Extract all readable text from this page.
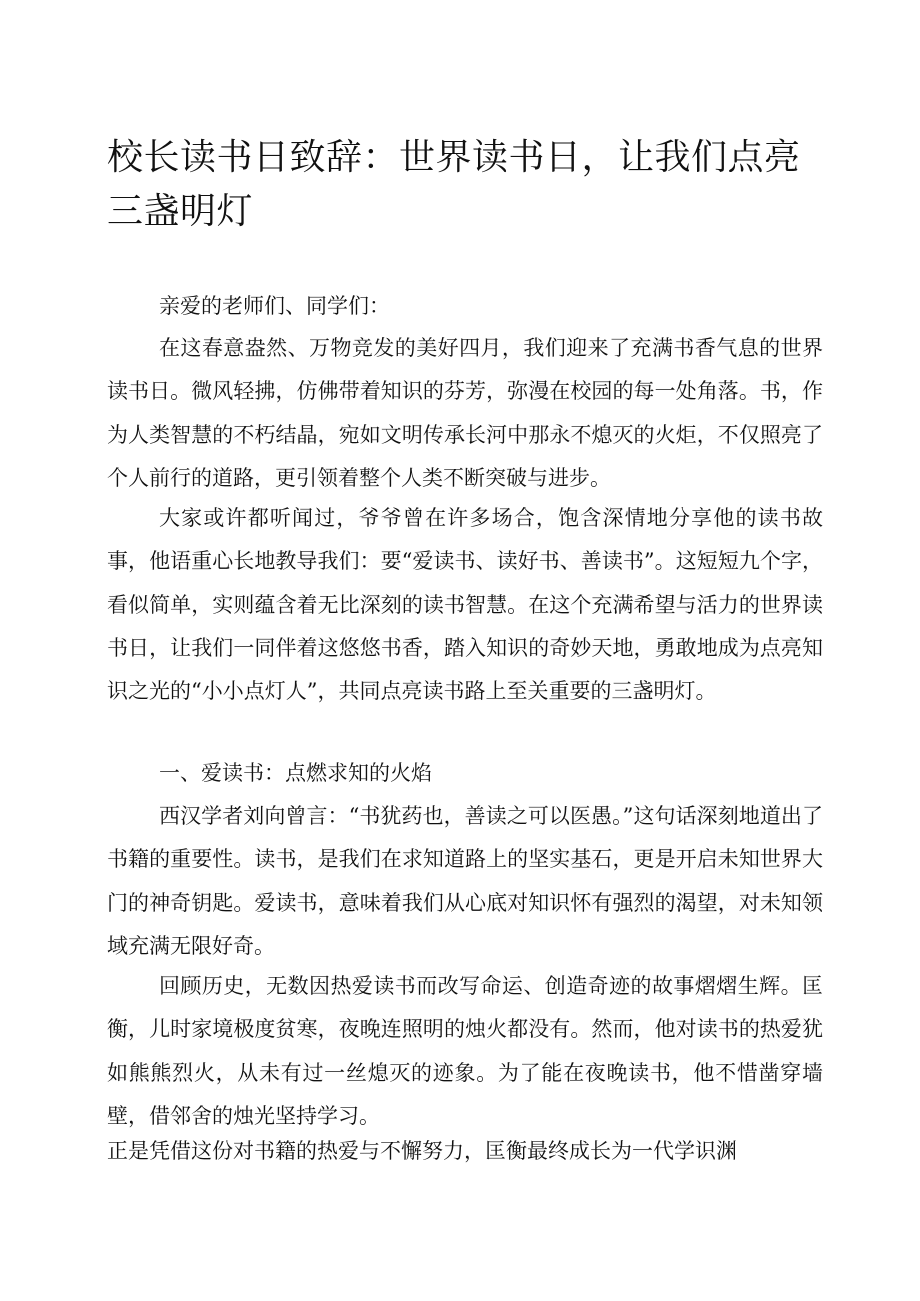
校长读书日致辞：世界读书日，让我们点亮三盏明灯

亲爱的老师们、同学们：

在这春意盎然、万物竞发的美好四月，我们迎来了充满书香气息的世界读书日。微风轻拂，仿佛带着知识的芬芳，弥漫在校园的每一处角落。书，作为人类智慧的不朽结晶，宛如文明传承长河中那永不熄灭的火炬，不仅照亮了个人前行的道路，更引领着整个人类不断突破与进步。

大家或许都听闻过，爷爷曾在许多场合，饱含深情地分享他的读书故事，他语重心长地教导我们：要“爱读书、读好书、善读书”。这短短九个字，看似简单，实则蕴含着无比深刻的读书智慧。在这个充满希望与活力的世界读书日，让我们一同伴着这悠悠书香，踏入知识的奇妙天地，勇敢地成为点亮知识之光的“小小点灯人”，共同点亮读书路上至关重要的三盏明灯。

一、爱读书：点燃求知的火焰

西汉学者刘向曾言：“书犹药也，善读之可以医愚。”这句话深刻地道出了书籍的重要性。读书，是我们在求知道路上的坚实基石，更是开启未知世界大门的神奇钥匙。爱读书，意味着我们从心底对知识怀有强烈的渴望，对未知领域充满无限好奇。

回顾历史，无数因热爱读书而改写命运、创造奇迹的故事熠熠生辉。匡衡，儿时家境极度贫寒，夜晚连照明的烛火都没有。然而，他对读书的热爱犹如熊熊烈火，从未有过一丝熄灭的迹象。为了能在夜晚读书，他不惜凿穿墙壁，借邻舍的烛光坚持学习。

正是凭借这份对书籍的热爱与不懈努力，匡衡最终成长为一代学识渊
